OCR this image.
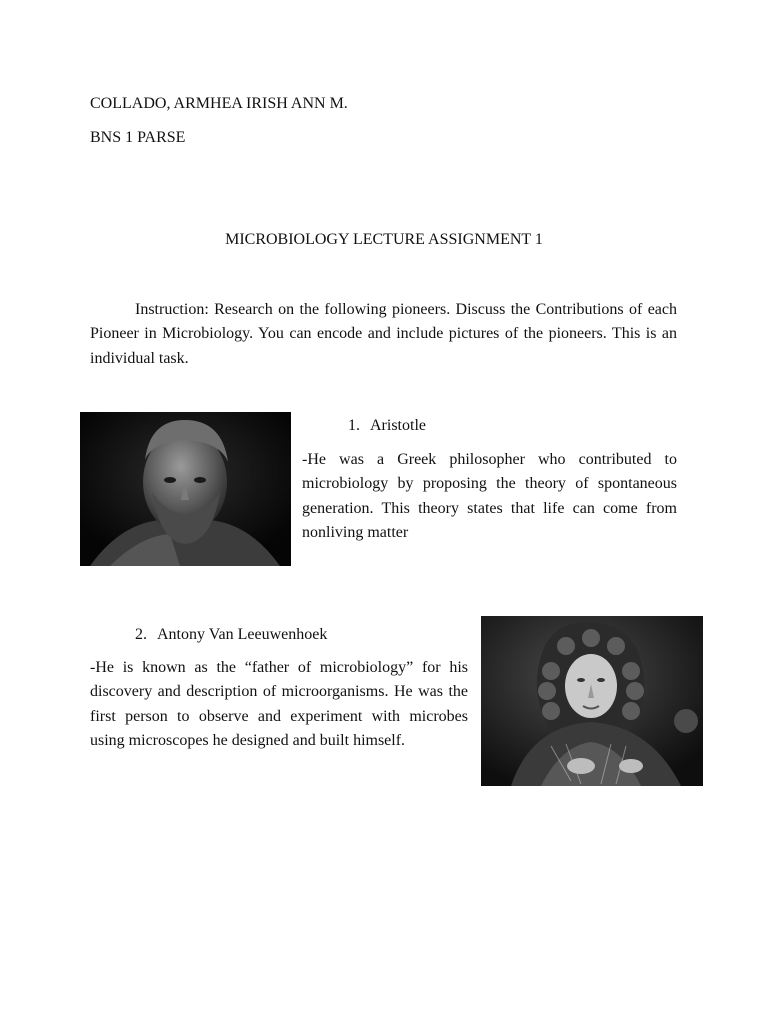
COLLADO, ARMHEA IRISH ANN M.
BNS 1 PARSE
MICROBIOLOGY LECTURE ASSIGNMENT 1
Instruction: Research on the following pioneers. Discuss the Contributions of each Pioneer in Microbiology. You can encode and include pictures of the pioneers. This is an individual task.
1. Aristotle
-He was a Greek philosopher who contributed to microbiology by proposing the theory of spontaneous generation. This theory states that life can come from nonliving matter
2. Antony Van Leeuwenhoek
-He is known as the “father of microbiology” for his discovery and description of microorganisms. He was the first person to observe and experiment with microbes using microscopes he designed and built himself.
